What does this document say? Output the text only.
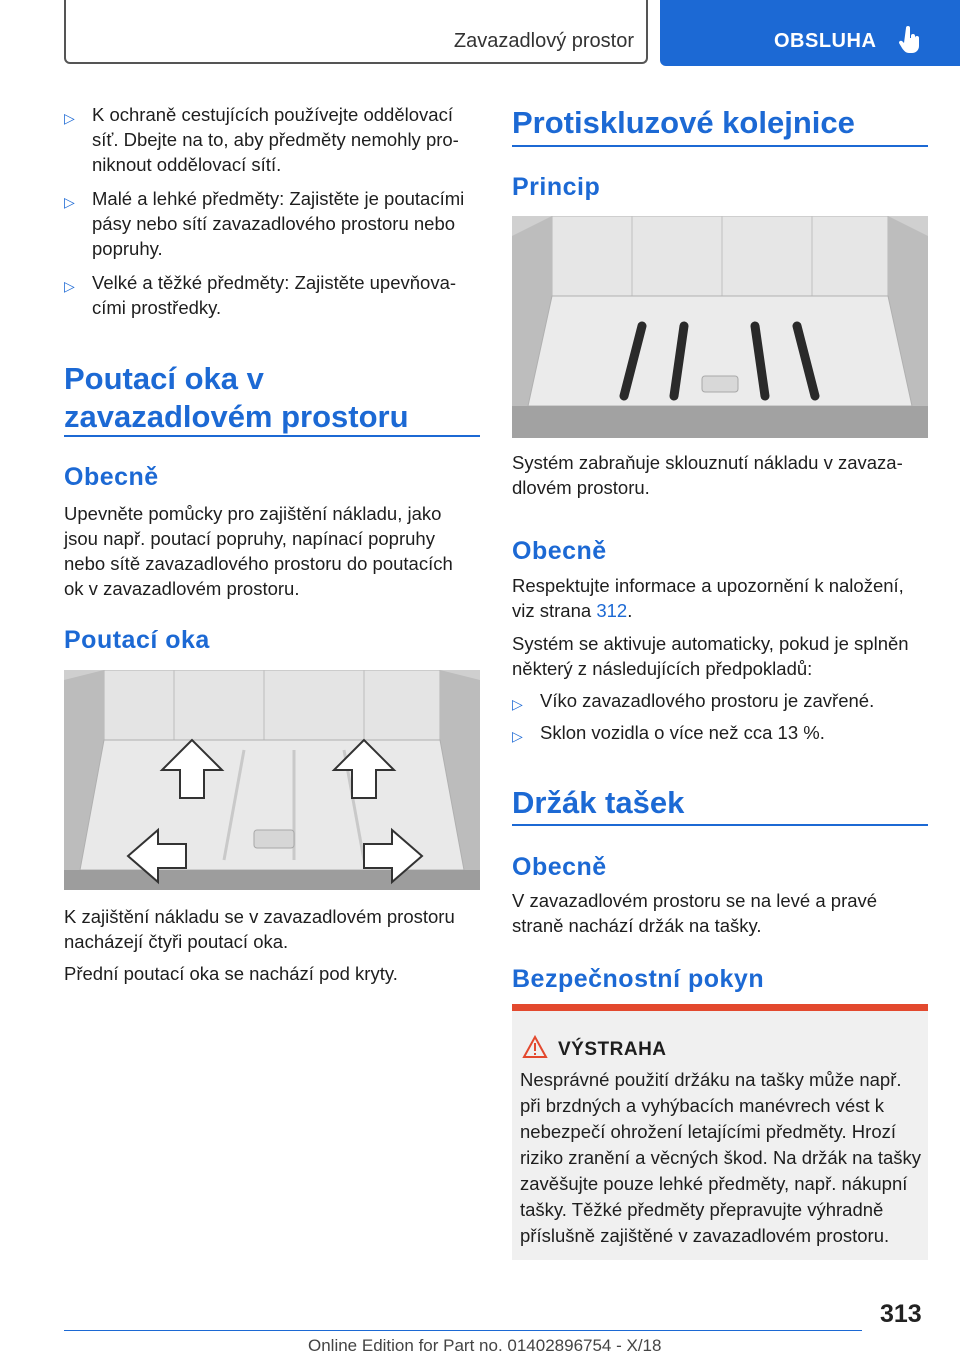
Zavazadlový prostor	OBSLUHA
▷ K ochraně cestujících používejte oddělovací
síť. Dbejte na to, aby předměty nemohly pro-
niknout oddělovací sítí.
▷ Malé a lehké předměty: Zajistěte je poutacími
pásy nebo sítí zavazadlového prostoru nebo
popruhy.
▷ Velké a těžké předměty: Zajistěte upevňova-
cími prostředky.
Poutací oka v
zavazadlovém prostoru
Obecně
Upevněte pomůcky pro zajištění nákladu, jako
jsou např. poutací popruhy, napínací popruhy
nebo sítě zavazadlového prostoru do poutacích
ok v zavazadlovém prostoru.
Poutací oka
K zajištění nákladu se v zavazadlovém prostoru
nacházejí čtyři poutací oka.
Přední poutací oka se nachází pod kryty.
Protiskluzové kolejnice
Princip
Systém zabraňuje sklouznutí nákladu v zavaza-
dlovém prostoru.
Obecně
Respektujte informace a upozornění k naložení,
viz strana 312.
Systém se aktivuje automaticky, pokud je splněn
některý z následujících předpokladů:
▷ Víko zavazadlového prostoru je zavřené.
▷ Sklon vozidla o více než cca 13 %.
Držák tašek
Obecně
V zavazadlovém prostoru se na levé a pravé
straně nachází držák na tašky.
Bezpečnostní pokyn
VÝSTRAHA
Nesprávné použití držáku na tašky může např.
při brzdných a vyhýbacích manévrech vést k
nebezpečí ohrožení letajícími předměty. Hrozí
riziko zranění a věcných škod. Na držák na tašky
zavěšujte pouze lehké předměty, např. nákupní
tašky. Těžké předměty přepravujte výhradně
příslušně zajištěné v zavazadlovém prostoru.
313
Online Edition for Part no. 01402896754 - X/18
